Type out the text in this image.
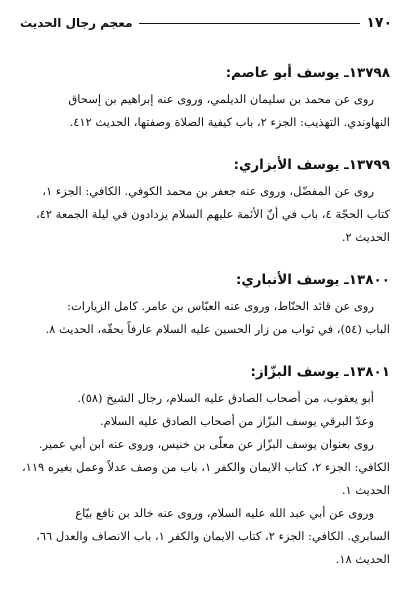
معجم رجال الحديث	١٧٠

١٣٧٩٨ـ يوسف أبو عاصم:

روى عن محمد بن سليمان الديلمي، وروى عنه إبراهيم بن إسحاق

النهاوندي. التهذيب: الجزء ٢، باب كيفية الصلاة وصفتها، الحديث ٤١٢.

١٣٧٩٩ـ يوسف الأبزاري:

روى عن المفضّل، وروى عنه جعفر بن محمد الكوفي. الكافي: الجزء ١،

كتاب الحجّة ٤، باب في أنّ الأئمة عليهم السلام يزدادون في ليلة الجمعة ٤٢،

الحديث ٢.

١٣٨٠٠ـ يوسف الأنباري:

روى عن قائد الحنّاط، وروى عنه العبّاس بن عامر. كامل الزيارات:

الباب (٥٤)، في ثواب من زار الحسين عليه السلام عارفاً بحقّه، الحديث ٨.

١٣٨٠١ـ يوسف البزّاز:

أبو يعقوب، من أصحاب الصادق عليه السلام، رجال الشيخ (٥٨).

وعدّ البرقي يوسف البزّاز من أصحاب الصادق عليه السلام.

روى بعنوان يوسف البزّاز عن معلّى بن خنيس، وروى عنه ابن أبي عمير.

الكافي: الجزء ٢، كتاب الايمان والكفر ١، باب من وصف عدلاً وعمل بغيره ١١٩،

الحديث ١.

وروى عن أبي عبد الله عليه السلام، وروى عنه خالد بن نافع بيّاع

السابري. الكافي: الجزء ٢، كتاب الايمان والكفر ١، باب الانصاف والعدل ٦٦،

الحديث ١٨.
